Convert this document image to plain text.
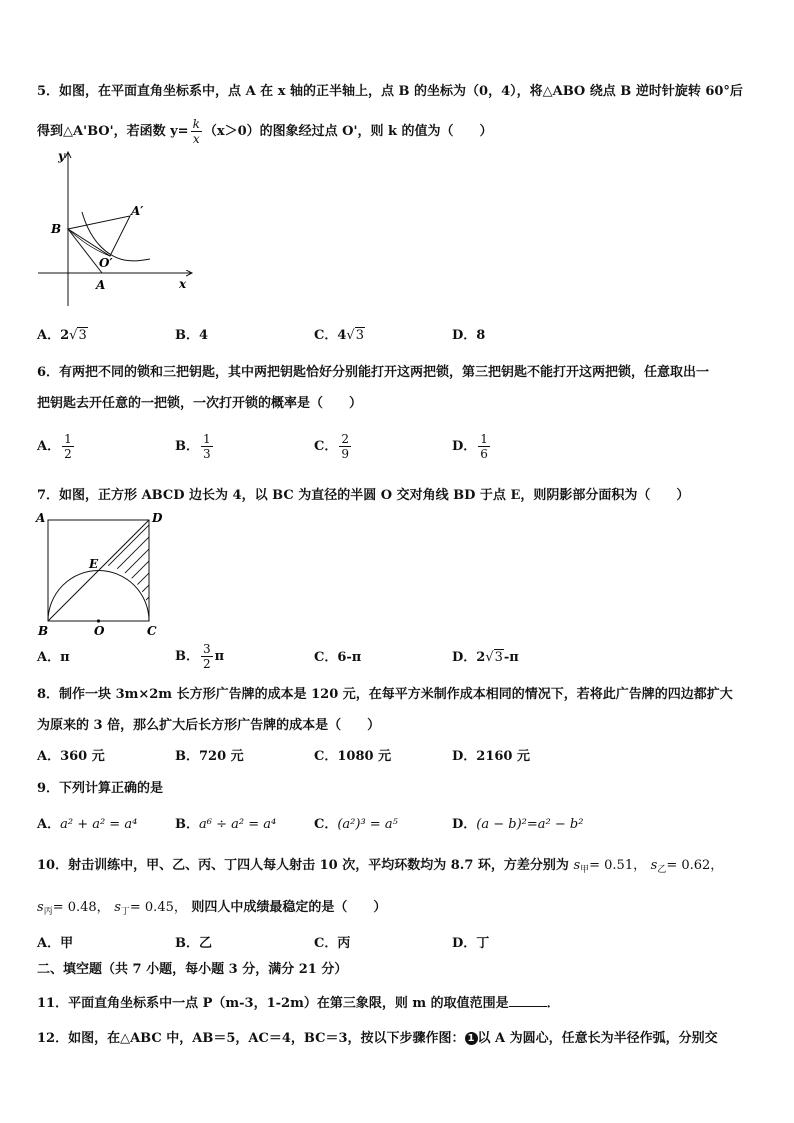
5．如图，在平面直角坐标系中，点 A 在 x 轴的正半轴上，点 B 的坐标为（0，4），将△ABO 绕点 B 逆时针旋转 60°后
得到△A'BO'，若函数 $y= \frac{k}{x} (x>0)$的图象经过点 O'，则 k 的值为（　　）
y
x
B
A
A′
O′
A．2√3	B．4	C．4√3	D．8
6．有两把不同的锁和三把钥匙，其中两把钥匙恰好分别能打开这两把锁，第三把钥匙不能打开这两把锁，任意取出一
把钥匙去开任意的一把锁，一次打开锁的概率是（　　）
A． $\frac{1}{2}$	B． $\frac{1}{3}$	C． $\frac{2}{9}$	D． $\frac{1}{6}$
7．如图，正方形 ABCD 边长为 4，以 BC 为直径的半圆 O 交对角线 BD 于点 E，则阴影部分面积为（　　）
A	D
E
B	O	C
A．π	B． $\frac{3}{2}$ π	C．6-π	D．2√3-π
8．制作一块 3m×2m 长方形广告牌的成本是 120 元，在每平方米制作成本相同的情况下，若将此广告牌的四边都扩大
为原来的 3 倍，那么扩大后长方形广告牌的成本是（　　）
A．360 元	B．720 元	C．1080 元	D．2160 元
9．下列计算正确的是
A．a² + a² = a⁴	B．a⁶ ÷ a² = a⁴	C．(a²)³ = a⁵	D．(a − b)²=a² − b²
10．射击训练中，甲、乙、丙、丁四人每人射击 10 次，平均环数均为 8.7 环，方差分别为 $s_甲= 0.51$， $s_乙= 0.62$，
$s_丙= 0.48$， $s_丁= 0.45$， 则四人中成绩最稳定的是（　　）
A．甲	B．乙	C．丙	D．丁
二、填空题（共 7 小题，每小题 3 分，满分 21 分）
11．平面直角坐标系中一点 P（m-3，1-2m）在第三象限，则 m 的取值范围是	．
12．如图，在△ABC 中，AB＝5，AC＝4，BC＝3，按以下步骤作图： 1 以 A 为圆心，任意长为半径作弧，分别交
